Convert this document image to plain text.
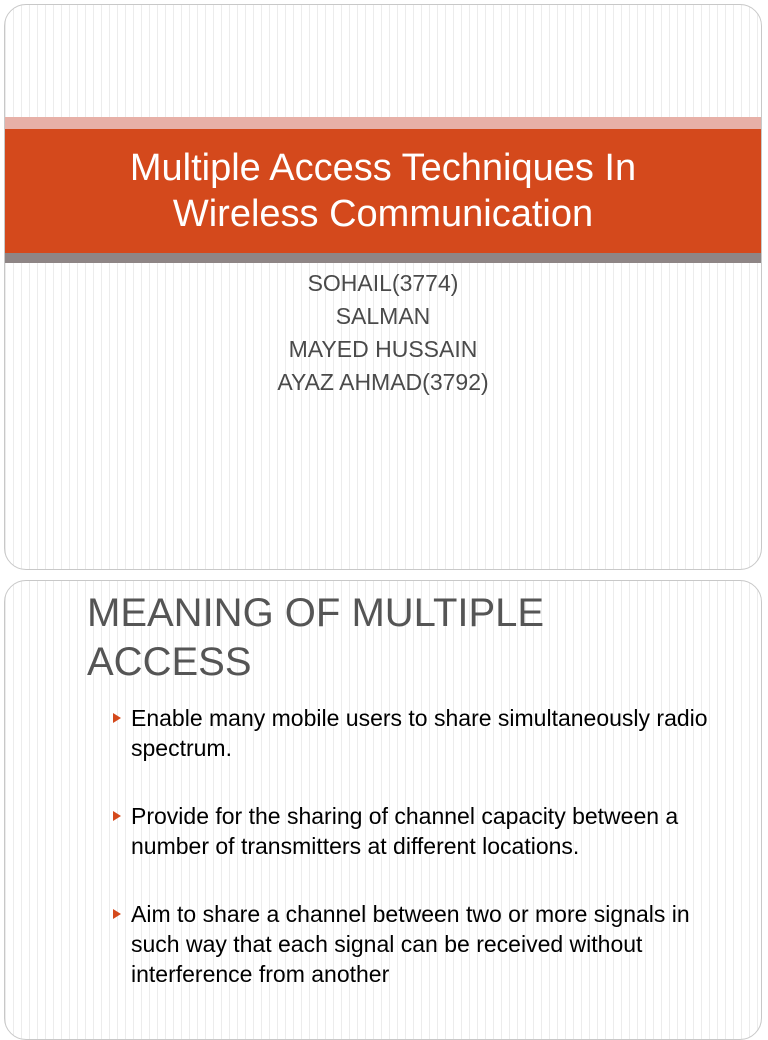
Multiple Access Techniques In
Wireless Communication
SOHAIL(3774)
SALMAN
MAYED HUSSAIN
AYAZ AHMAD(3792)
MEANING OF MULTIPLE
ACCESS
Enable many mobile users to share simultaneously radio spectrum.
Provide for the sharing of channel capacity between a number of transmitters at different locations.
Aim to share a channel between two or more signals in such way that each signal can be received without interference from another
